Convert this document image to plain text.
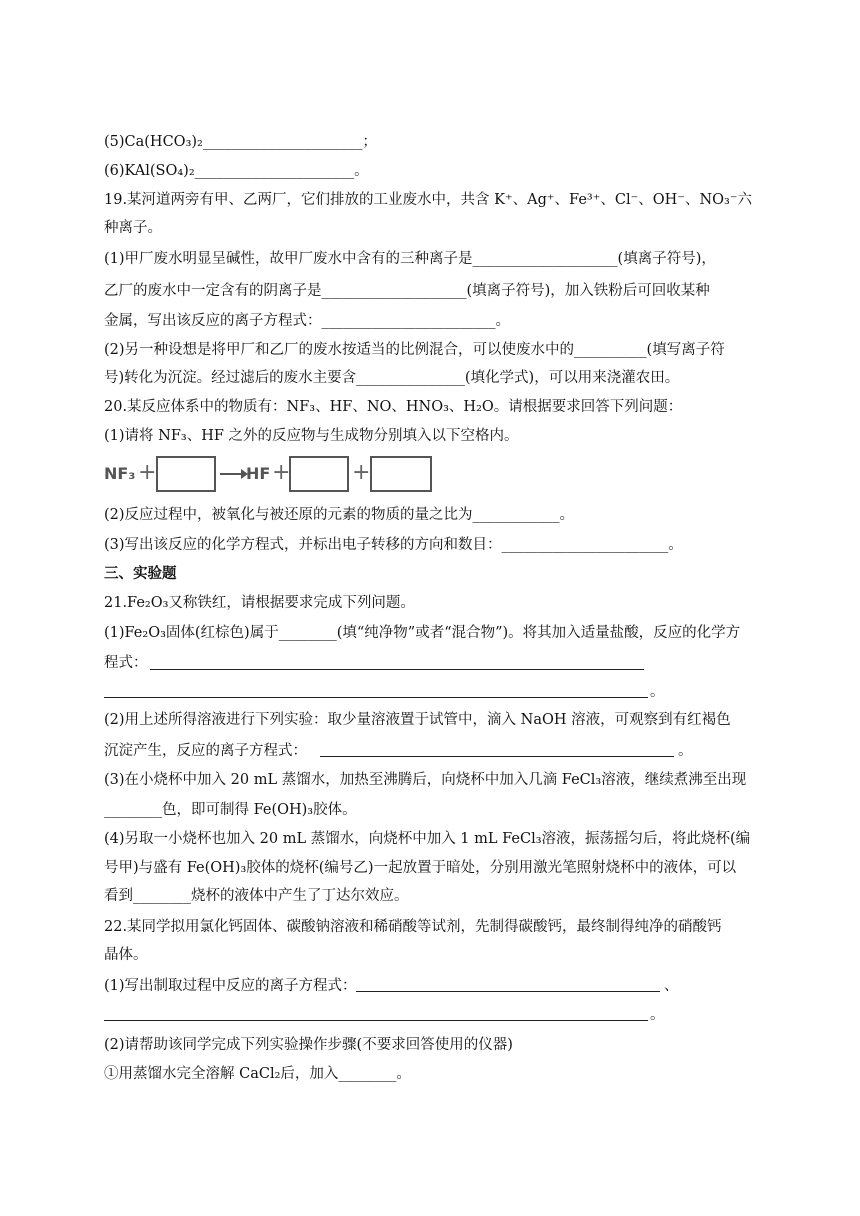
(5)Ca(HCO₃)₂______________________；
(6)KAl(SO₄)₂______________________。
19.某河道两旁有甲、乙两厂，它们排放的工业废水中，共含 K⁺、Ag⁺、Fe³⁺、Cl⁻、OH⁻、NO₃⁻六
种离子。
(1)甲厂废水明显呈碱性，故甲厂废水中含有的三种离子是____________________(填离子符号)，
乙厂的废水中一定含有的阴离子是____________________(填离子符号)，加入铁粉后可回收某种
金属，写出该反应的离子方程式：________________________。
(2)另一种设想是将甲厂和乙厂的废水按适当的比例混合，可以使废水中的__________(填写离子符
号)转化为沉淀。经过滤后的废水主要含_______________(填化学式)，可以用来浇灌农田。
20.某反应体系中的物质有：NF₃、HF、NO、HNO₃、H₂O。请根据要求回答下列问题：
(1)请将 NF₃、HF 之外的反应物与生成物分别填入以下空格内。
NF₃ +	HF +	+
(2)反应过程中，被氧化与被还原的元素的物质的量之比为____________。
(3)写出该反应的化学方程式，并标出电子转移的方向和数目：_______________________。
三、实验题
21.Fe₂O₃又称铁红，请根据要求完成下列问题。
(1)Fe₂O₃固体(红棕色)属于________(填“纯净物”或者“混合物”)。将其加入适量盐酸，反应的化学方
程式：
。
(2)用上述所得溶液进行下列实验：取少量溶液置于试管中，滴入 NaOH 溶液，可观察到有红褐色
沉淀产生，反应的离子方程式：	。
(3)在小烧杯中加入 20 mL 蒸馏水，加热至沸腾后，向烧杯中加入几滴 FeCl₃溶液，继续煮沸至出现
________色，即可制得 Fe(OH)₃胶体。
(4)另取一小烧杯也加入 20 mL 蒸馏水，向烧杯中加入 1 mL FeCl₃溶液，振荡摇匀后，将此烧杯(编
号甲)与盛有 Fe(OH)₃胶体的烧杯(编号乙)一起放置于暗处，分别用激光笔照射烧杯中的液体，可以
看到________烧杯的液体中产生了丁达尔效应。
22.某同学拟用氯化钙固体、碳酸钠溶液和稀硝酸等试剂，先制得碳酸钙，最终制得纯净的硝酸钙
晶体。
(1)写出制取过程中反应的离子方程式：	、
。
(2)请帮助该同学完成下列实验操作步骤(不要求回答使用的仪器)
①用蒸馏水完全溶解 CaCl₂后，加入________。
